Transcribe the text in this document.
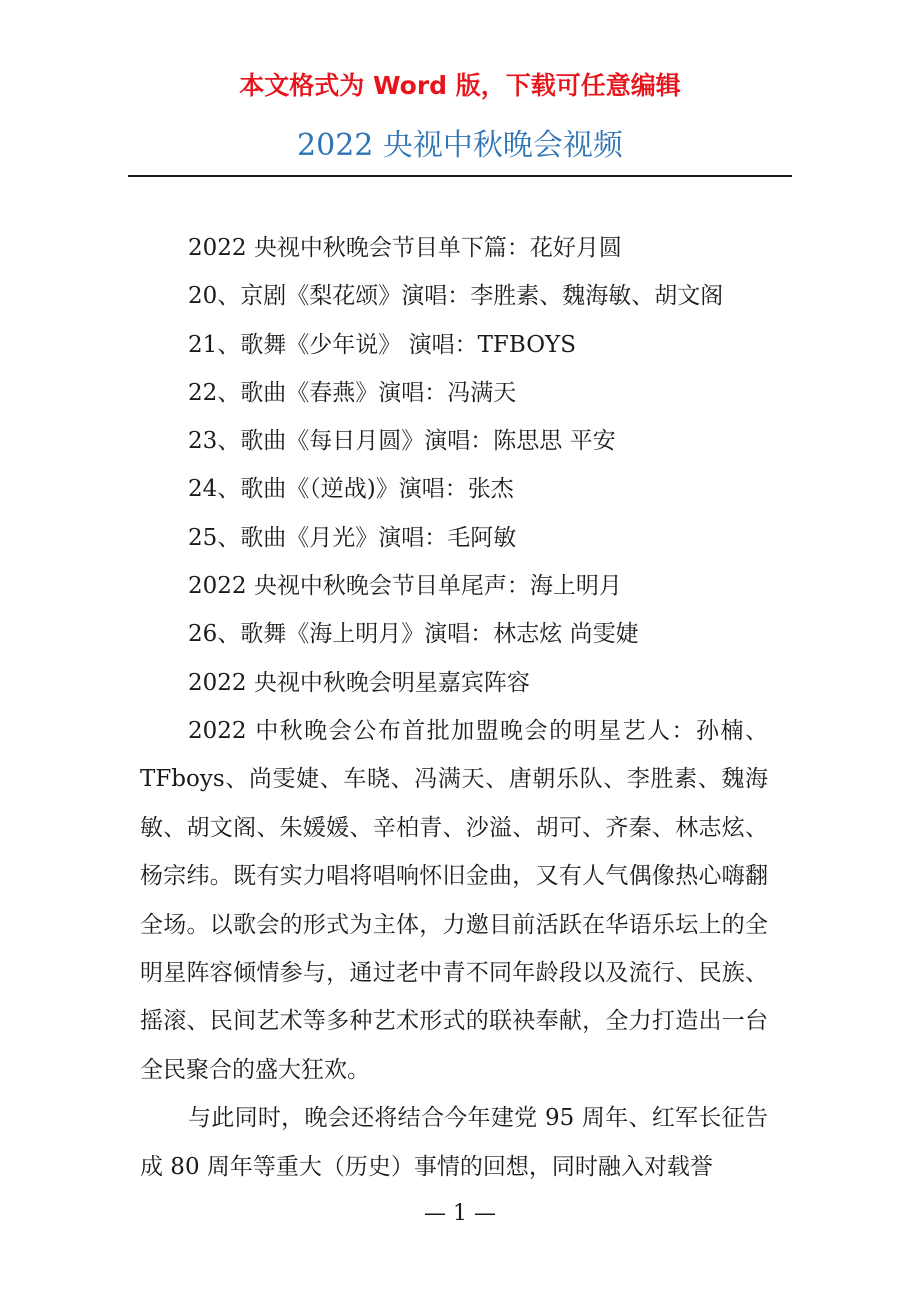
本文格式为 Word 版，下载可任意编辑
2022 央视中秋晚会视频
2022 央视中秋晚会节目单下篇：花好月圆
20、京剧《梨花颂》演唱：李胜素、魏海敏、胡文阁
21、歌舞《少年说》 演唱：TFBOYS
22、歌曲《春燕》演唱：冯满天
23、歌曲《每日月圆》演唱：陈思思 平安
24、歌曲《（逆战)》演唱：张杰
25、歌曲《月光》演唱：毛阿敏
2022 央视中秋晚会节目单尾声：海上明月
26、歌舞《海上明月》演唱：林志炫 尚雯婕
2022 央视中秋晚会明星嘉宾阵容

2022 中秋晚会公布首批加盟晚会的明星艺人：孙楠、TFboys、尚雯婕、车晓、冯满天、唐朝乐队、李胜素、魏海敏、胡文阁、朱媛媛、辛柏青、沙溢、胡可、齐秦、林志炫、杨宗纬。既有实力唱将唱响怀旧金曲，又有人气偶像热心嗨翻全场。以歌会的形式为主体，力邀目前活跃在华语乐坛上的全明星阵容倾情参与，通过老中青不同年龄段以及流行、民族、摇滚、民间艺术等多种艺术形式的联袂奉献，全力打造出一台全民聚合的盛大狂欢。

与此同时，晚会还将结合今年建党 95 周年、红军长征告成 80 周年等重大（历史）事情的回想，同时融入对载誉

— 1 —
